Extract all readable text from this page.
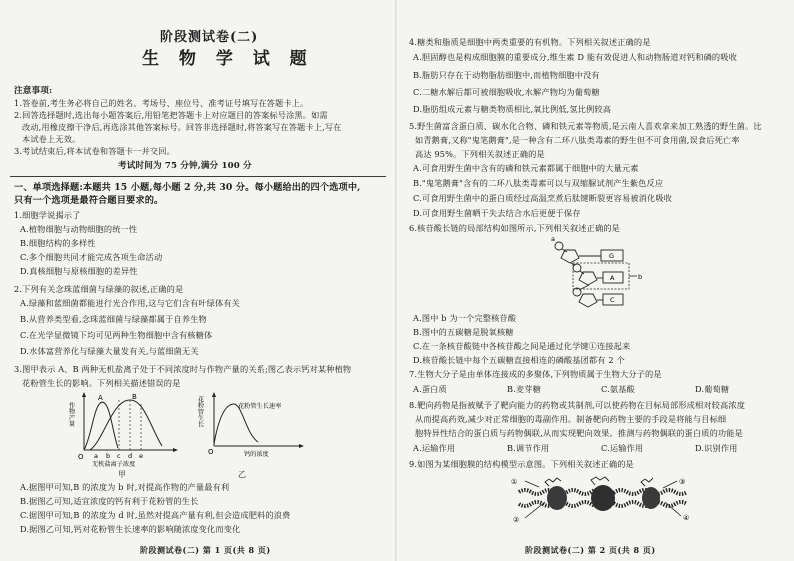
阶段测试卷(二)
生 物 学 试 题
注意事项:
1.答卷前,考生务必将自己的姓名、考场号、座位号、准考证号填写在答题卡上。
2.回答选择题时,选出每小题答案后,用铅笔把答题卡上对应题目的答案标号涂黑。如需
改动,用橡皮擦干净后,再选涂其他答案标号。回答非选择题时,将答案写在答题卡上,写在
本试卷上无效。
3.考试结束后,将本试卷和答题卡一并交回。
考试时间为 75 分钟,满分 100 分
一、单项选择题:本题共 15 小题,每小题 2 分,共 30 分。每小题给出的四个选项中,
只有一个选项是最符合题目要求的。
1.细胞学说揭示了
A.植物细胞与动物细胞的统一性
B.细胞结构的多样性
C.多个细胞共同才能完成各项生命活动
D.真核细胞与原核细胞的差异性
2.下列有关念珠蓝细菌与绿藻的叙述,正确的是
A.绿藻和蓝细菌都能进行光合作用,这与它们含有叶绿体有关
B.从营养类型看,念珠蓝细菌与绿藻都属于自养生物
C.在光学显微镜下均可见两种生物细胞中含有核糖体
D.水体富营养化与绿藻大量发有关,与蓝细菌无关
3.图甲表示 A、B 两种无机盐离子处于不同浓度时与作物产量的关系;图乙表示钙对某种植物
花粉管生长的影响。下列相关描述错误的是
作物产量
A	B
O a b c d e
无机盐离子浓度
甲
花粉管生长	花粉管生长速率
O	钙的浓度
乙
A.据图甲可知,B 的浓度为 b 时,对提高作物的产量最有利
B.据图乙可知,适宜浓度的钙有利于花粉管的生长
C.据图甲可知,B 的浓度为 d 时,虽然对提高产量有利,但会造成肥料的浪费
D.据图乙可知,钙对花粉管生长速率的影响随浓度变化而变化
阶段测试卷(二) 第 1 页(共 8 页)
4.糖类和脂质是细胞中两类重要的有机物。下列相关叙述正确的是
A.胆固醇也是构成细胞膜的重要成分,维生素 D 能有效促进人和动物肠道对钙和磷的吸收
B.脂肪只存在于动物脂肪细胞中,而植物细胞中没有
C.二糖水解后都可被细胞吸收,水解产物均为葡萄糖
D.脂肪组成元素与糖类物质相比,氧比例低,氢比例较高
5.野生菌富含蛋白质、碳水化合物、磷和铁元素等物质,是云南人喜欢拿来加工熟透的野生菌。比
如青鹅膏,又称"鬼笔鹅膏",是一种含有二环八肽类毒素的野生但不可食用菌,误食后死亡率
高达 95%。下列相关叙述正确的是
A.可食用野生菌中含有的磷和铁元素都属于细胞中的大量元素
B."鬼笔鹅膏"含有的二环八肽类毒素可以与双缩脲试剂产生紫色反应
C.可食用野生菌中的蛋白质经过高温烹煮后肽键断裂更容易被消化吸收
D.可食用野生菌晒干失去结合水后更便于保存
6.核苷酸长链的局部结构如图所示,下列相关叙述正确的是
a
b
G
A
C
A.图中 b 为一个完整核苷酸
B.图中的五碳糖是脱氧核糖
C.在一条核苷酸链中各核苷酸之间是通过化学键①连接起来
D.核苷酸长链中每个五碳糖直接相连的磷酸基团都有 2 个
7.生物大分子是由单体连接成的多聚体,下列物质属于生物大分子的是
A.蛋白质	B.麦芽糖	C.氨基酸	D.葡萄糖
8.靶向药物是指被赋予了靶向能力的药物或其制剂,可以使药物在目标局部形成相对较高浓度
从而提高药效,减少对正常细胞的毒副作用。制备靶向药物主要的手段是将能与目标细
胞特异性结合的蛋白质与药物偶联,从而实现靶向效果。推测与药物偶联的蛋白质的功能是
A.运输作用	B.调节作用	C.运输作用	D.识别作用
9.如图为某细胞膜的结构模型示意图。下列相关叙述正确的是
①
②
③
④
阶段测试卷(二) 第 2 页(共 8 页)
